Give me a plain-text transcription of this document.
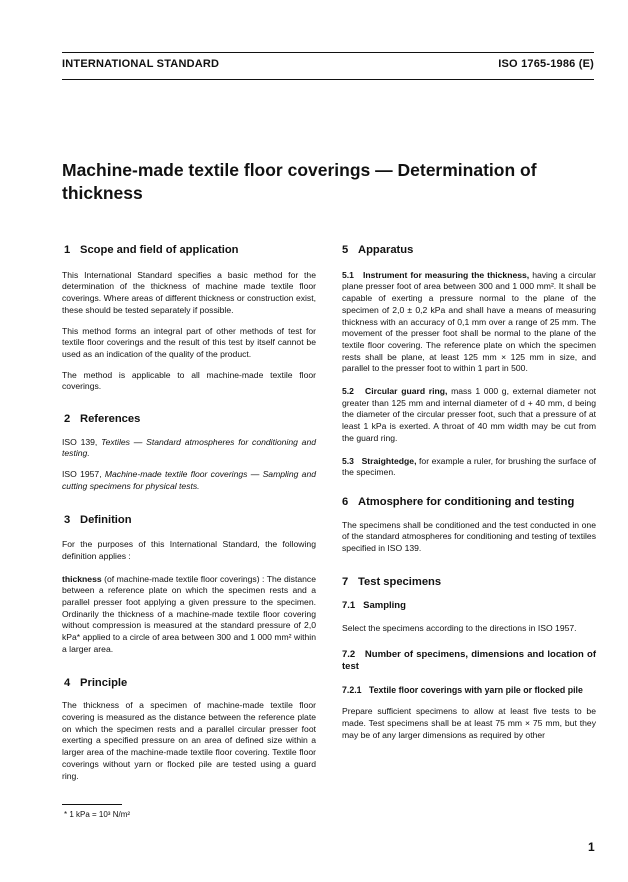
INTERNATIONAL STANDARD	ISO 1765-1986 (E)
Machine-made textile floor coverings — Determination of thickness
1 Scope and field of application

This International Standard specifies a basic method for the determination of the thickness of machine made textile floor coverings. Where areas of different thickness or construction exist, these should be tested separately if possible.

This method forms an integral part of other methods of test for textile floor coverings and the result of this test by itself cannot be used as an indication of the quality of the product.

The method is applicable to all machine-made textile floor coverings.

2 References

ISO 139, Textiles — Standard atmospheres for conditioning and testing.

ISO 1957, Machine-made textile floor coverings — Sampling and cutting specimens for physical tests.

3 Definition

For the purposes of this International Standard, the following definition applies :

thickness (of machine-made textile floor coverings) : The distance between a reference plate on which the specimen rests and a parallel presser foot applying a given pressure to the specimen. Ordinarily the thickness of a machine-made textile floor covering without compression is measured at the standard pressure of 2,0 kPa* applied to a circle of area between 300 and 1 000 mm² within a larger area.

4 Principle

The thickness of a specimen of machine-made textile floor covering is measured as the distance between the reference plate on which the specimen rests and a parallel circular presser foot exerting a specified pressure on an area of defined size within a larger area of the machine-made textile floor covering. Textile floor coverings without yarn or flocked pile are tested using a guard ring.

5 Apparatus

5.1 Instrument for measuring the thickness, having a circular plane presser foot of area between 300 and 1 000 mm². It shall be capable of exerting a pressure normal to the plane of the specimen of 2,0 ± 0,2 kPa and shall have a means of measuring thickness with an accuracy of 0,1 mm over a range of 25 mm. The movement of the presser foot shall be normal to the plane of the textile floor covering. The reference plate on which the specimen rests shall be plane, at least 125 mm × 125 mm in size, and parallel to the presser foot to within 1 part in 500.

5.2 Circular guard ring, mass 1 000 g, external diameter not greater than 125 mm and internal diameter of d + 40 mm, d being the diameter of the circular presser foot, such that a pressure of at least 1 kPa is exerted. A throat of 40 mm width may be cut from the guard ring.

5.3 Straightedge, for example a ruler, for brushing the surface of the specimen.

6 Atmosphere for conditioning and testing

The specimens shall be conditioned and the test conducted in one of the standard atmospheres for conditioning and testing of textiles specified in ISO 139.

7 Test specimens
7.1 Sampling

Select the specimens according to the directions in ISO 1957.

7.2 Number of specimens, dimensions and location of test
7.2.1 Textile floor coverings with yarn pile or flocked pile

Prepare sufficient specimens to allow at least five tests to be made. Test specimens shall be at least 75 mm × 75 mm, but they may be of any larger dimensions as required by other

* 1 kPa = 10³ N/m²
1
